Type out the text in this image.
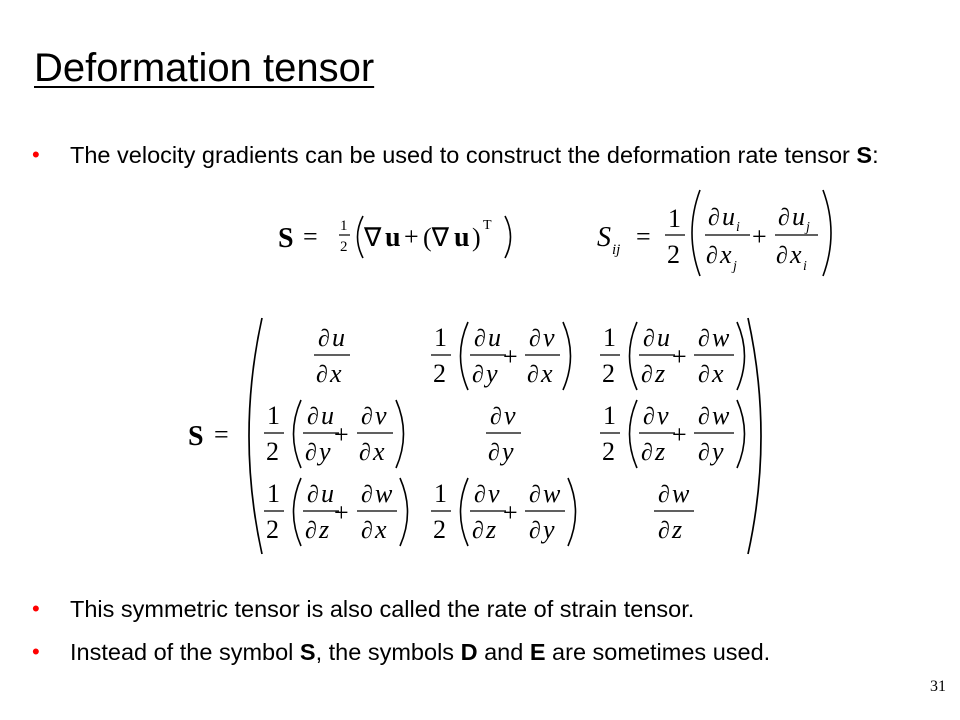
Deformation tensor
• The velocity gradients can be used to construct the deformation rate tensor S:
S = 1
2 ∇ u + (∇ u ) T	S ij =
1
2
∂ u i
∂ x j
+
∂ u j
∂ x i
S =
∂ u
∂ x
1
2
∂ u
∂ y
+
∂ v
∂ x
1
2
∂ u
∂ z
+
∂ w
∂ x
1
2
∂ u
∂ y
+
∂ v
∂ x
∂ v
∂ y
1
2
∂ v
∂ z
+
∂ w
∂ y
1
2
∂ u
∂ z
+
∂ w
∂ x
1
2
∂ v
∂ z
+
∂ w
∂ y
∂ w
∂ z
• This symmetric tensor is also called the rate of strain tensor.
• Instead of the symbol S, the symbols D and E are sometimes used.
31
